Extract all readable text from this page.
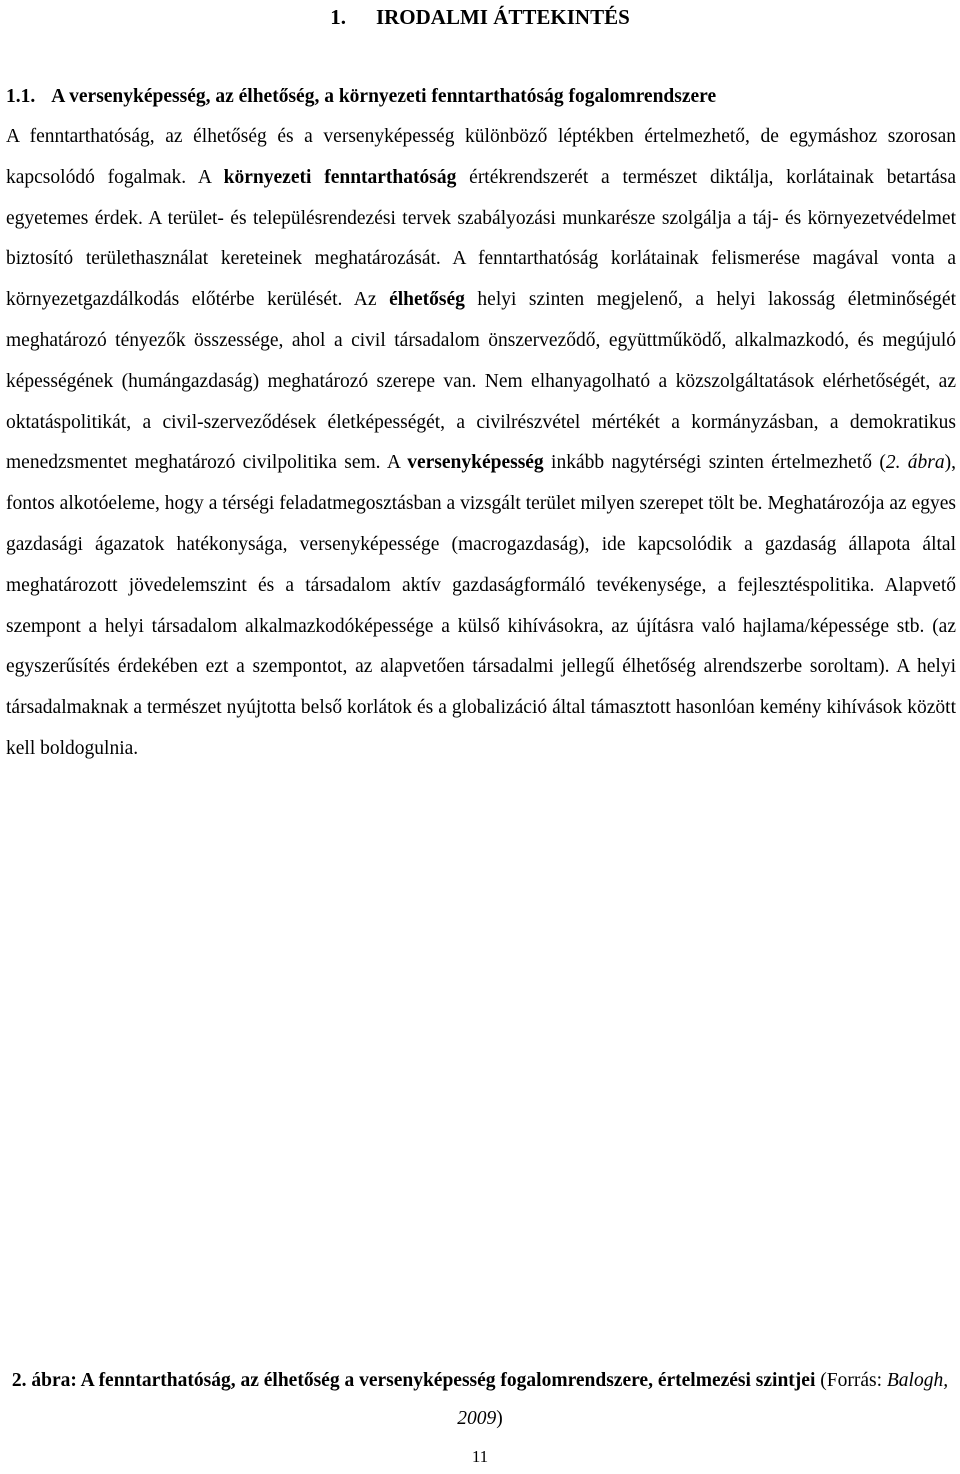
1. IRODALMI ÁTTEKINTÉS
1.1. A versenyképesség, az élhetőség, a környezeti fenntarthatóság fogalomrendszere

A fenntarthatóság, az élhetőség és a versenyképesség különböző léptékben értelmezhető, de egymáshoz szorosan kapcsolódó fogalmak. A környezeti fenntarthatóság értékrendszerét a természet diktálja, korlátainak betartása egyetemes érdek. A terület- és településrendezési tervek szabályozási munkarésze szolgálja a táj- és környezetvédelmet biztosító területhasználat kereteinek meghatározását. A fenntarthatóság korlátainak felismerése magával vonta a környezetgazdálkodás előtérbe kerülését. Az élhetőség helyi szinten megjelenő, a helyi lakosság életminőségét meghatározó tényezők összessége, ahol a civil társadalom önszerveződő, együttműködő, alkalmazkodó, és megújuló képességének (humángazdaság) meghatározó szerepe van. Nem elhanyagolható a közszolgáltatások elérhetőségét, az oktatáspolitikát, a civil-szerveződések életképességét, a civilrészvétel mértékét a kormányzásban, a demokratikus menedzsmentet meghatározó civilpolitika sem. A versenyképesség inkább nagytérségi szinten értelmezhető (2. ábra), fontos alkotóeleme, hogy a térségi feladatmegosztásban a vizsgált terület milyen szerepet tölt be. Meghatározója az egyes gazdasági ágazatok hatékonysága, versenyképessége (macrogazdaság), ide kapcsolódik a gazdaság állapota által meghatározott jövedelemszint és a társadalom aktív gazdaságformáló tevékenysége, a fejlesztéspolitika. Alapvető szempont a helyi társadalom alkalmazkodóképessége a külső kihívásokra, az újításra való hajlama/képessége stb. (az egyszerűsítés érdekében ezt a szempontot, az alapvetően társadalmi jellegű élhetőség alrendszerbe soroltam). A helyi társadalmaknak a természet nyújtotta belső korlátok és a globalizáció által támasztott hasonlóan kemény kihívások között kell boldogulnia.

2. ábra: A fenntarthatóság, az élhetőség a versenyképesség fogalomrendszere, értelmezési szintjei (Forrás: Balogh, 2009)

11
